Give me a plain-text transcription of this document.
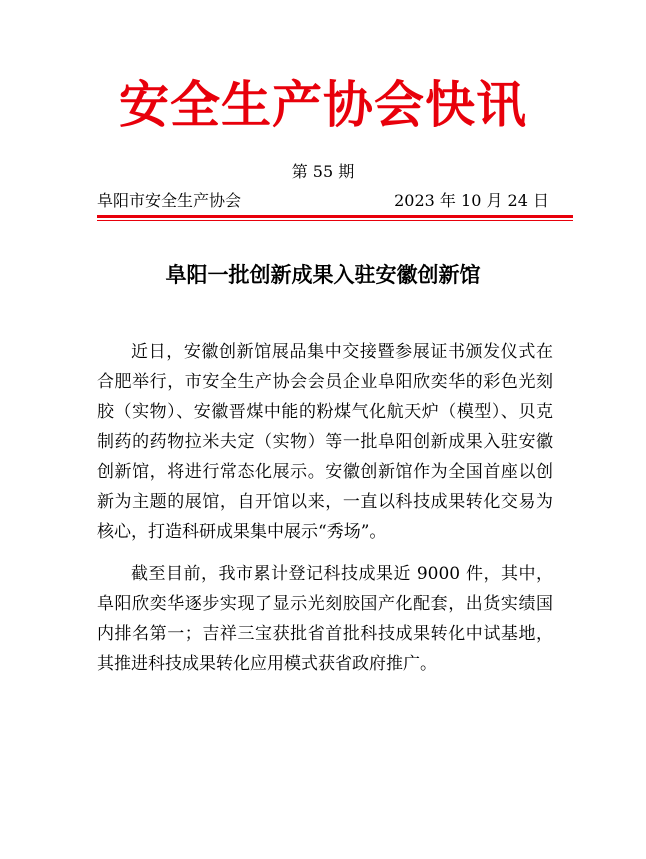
安全生产协会快讯
第 55 期
阜阳市安全生产协会	2023 年 10 月 24 日
阜阳一批创新成果入驻安徽创新馆

近日，安徽创新馆展品集中交接暨参展证书颁发仪式在合肥举行，市安全生产协会会员企业阜阳欣奕华的彩色光刻胶（实物）、安徽晋煤中能的粉煤气化航天炉（模型）、贝克制药的药物拉米夫定（实物）等一批阜阳创新成果入驻安徽创新馆，将进行常态化展示。安徽创新馆作为全国首座以创新为主题的展馆，自开馆以来，一直以科技成果转化交易为核心，打造科研成果集中展示“秀场”。

截至目前，我市累计登记科技成果近 9000 件，其中，阜阳欣奕华逐步实现了显示光刻胶国产化配套，出货实绩国内排名第一；吉祥三宝获批省首批科技成果转化中试基地，其推进科技成果转化应用模式获省政府推广。
